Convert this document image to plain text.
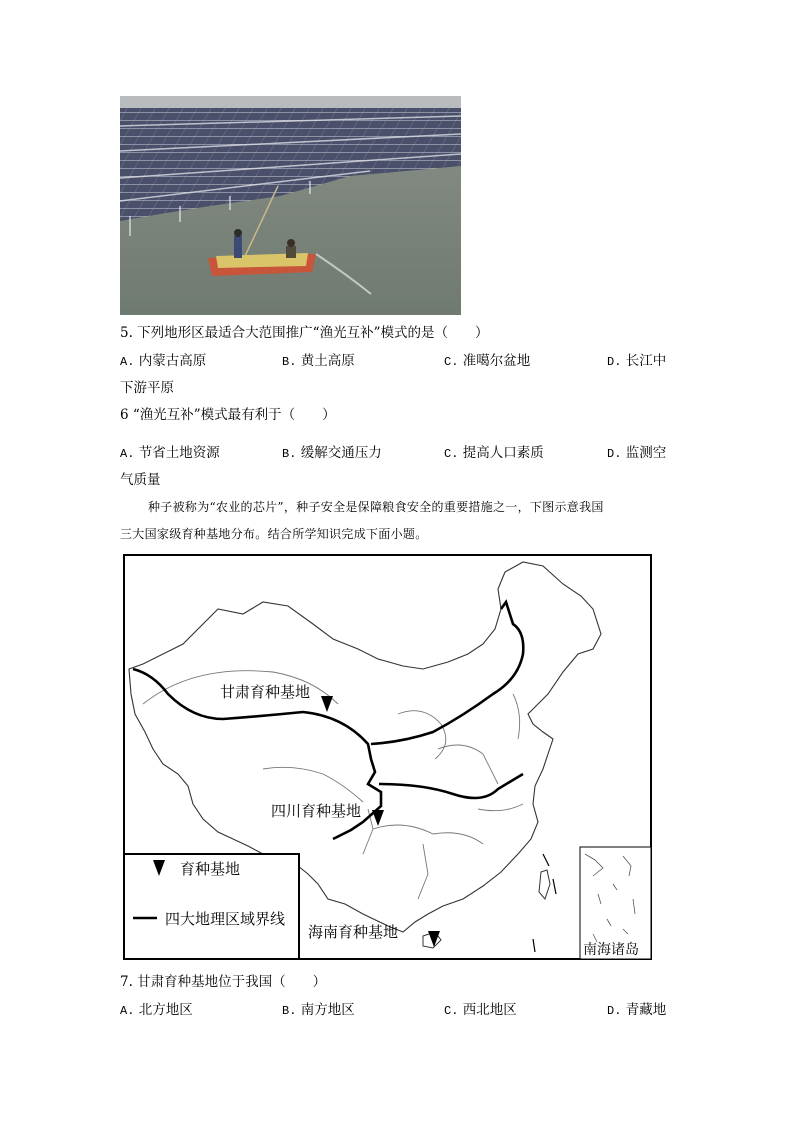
5. 下列地形区最适合大范围推广“渔光互补”模式的是（　　）
A. 内蒙古高原	B. 黄土高原	C. 准噶尔盆地	D. 长江中
下游平原
6 “渔光互补”模式最有利于（　　）
A. 节省土地资源	B. 缓解交通压力	C. 提高人口素质	D. 监测空
气质量
种子被称为“农业的芯片”，种子安全是保障粮食安全的重要措施之一，下图示意我国
三大国家级育种基地分布。结合所学知识完成下面小题。
甘肃育种基地
四川育种基地
海南育种基地
育种基地
四大地理区域界线
南海诸岛
7. 甘肃育种基地位于我国（　　）
A. 北方地区	B. 南方地区	C. 西北地区	D. 青藏地
